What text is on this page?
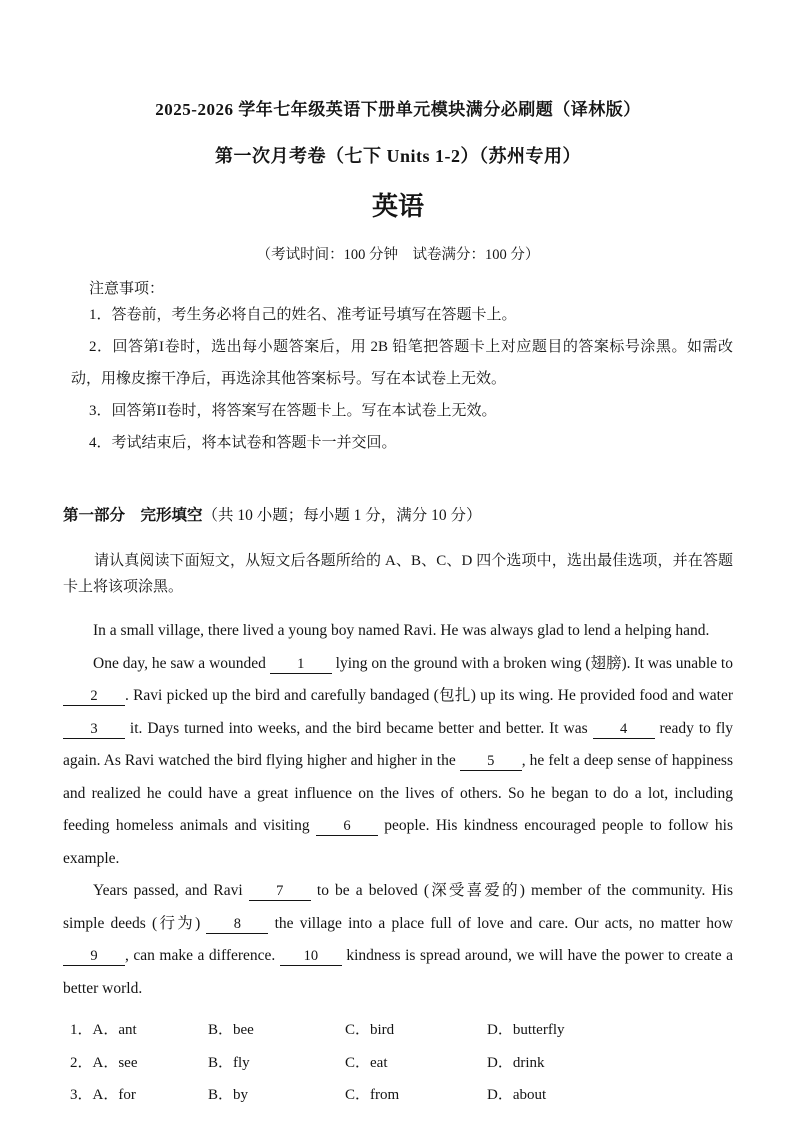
2025-2026 学年七年级英语下册单元模块满分必刷题（译林版）
第一次月考卷（七下 Units 1-2）（苏州专用）
英语
（考试时间：100 分钟　试卷满分：100 分）
注意事项：
1．答卷前，考生务必将自己的姓名、准考证号填写在答题卡上。
2．回答第I卷时，选出每小题答案后，用 2B 铅笔把答题卡上对应题目的答案标号涂黑。如需改动，用橡皮擦干净后，再选涂其他答案标号。写在本试卷上无效。
3．回答第II卷时，将答案写在答题卡上。写在本试卷上无效。
4．考试结束后，将本试卷和答题卡一并交回。
第一部分　完形填空（共 10 小题；每小题 1 分，满分 10 分）
请认真阅读下面短文，从短文后各题所给的 A、B、C、D 四个选项中，选出最佳选项，并在答题卡上将该项涂黑。

In a small village, there lived a young boy named Ravi. He was always glad to lend a helping hand.

One day, he saw a wounded 1 lying on the ground with a broken wing (翅膀). It was unable to 2 . Ravi picked up the bird and carefully bandaged (包扎) up its wing. He provided food and water 3 it. Days turned into weeks, and the bird became better and better. It was 4 ready to fly again. As Ravi watched the bird flying higher and higher in the 5 , he felt a deep sense of happiness and realized he could have a great influence on the lives of others. So he began to do a lot, including feeding homeless animals and visiting 6 people. His kindness encouraged people to follow his example.

Years passed, and Ravi 7 to be a beloved (深受喜爱的) member of the community. His simple deeds (行为) 8 the village into a place full of love and care. Our acts, no matter how 9 , can make a difference. 10 kindness is spread around, we will have the power to create a better world.

1．A．ant	B．bee	C．bird	D．butterfly
2．A．see	B．fly	C．eat	D．drink
3．A．for	B．by	C．from	D．about
